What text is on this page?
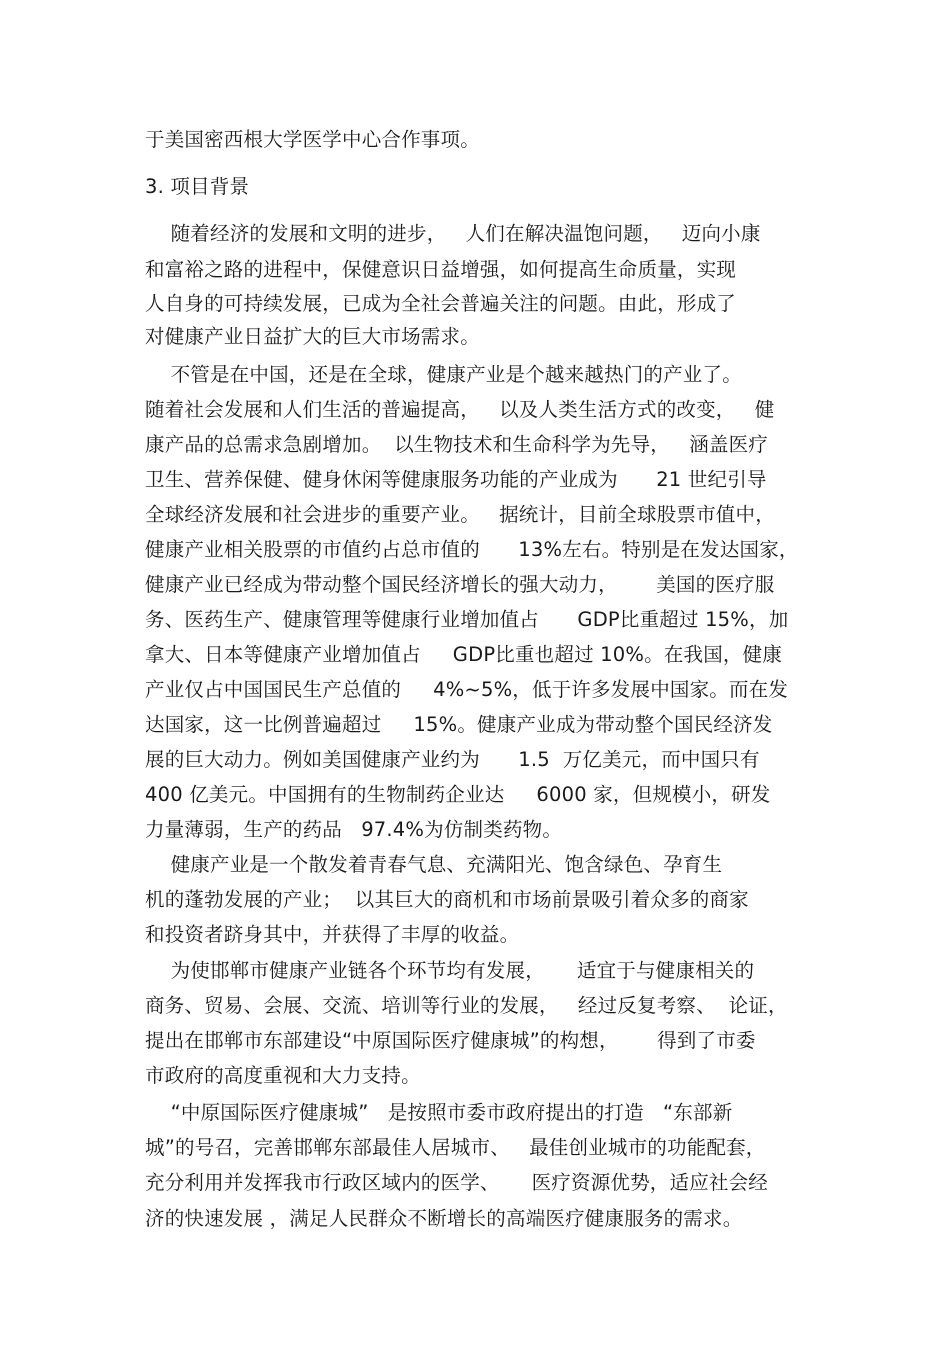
于美国密西根大学医学中心合作事项。
3. 项目背景
随着经济的发展和文明的进步，   人们在解决温饱问题，   迈向小康
和富裕之路的进程中，保健意识日益增强，如何提高生命质量，实现
人自身的可持续发展，已成为全社会普遍关注的问题。由此，形成了
对健康产业日益扩大的巨大市场需求。
不管是在中国，还是在全球，健康产业是个越来越热门的产业了。
随着社会发展和人们生活的普遍提高，   以及人类生活方式的改变，   健
康产品的总需求急剧增加。  以生物技术和生命科学为先导，   涵盖医疗
卫生、营养保健、健身休闲等健康服务功能的产业成为      21 世纪引导
全球经济发展和社会进步的重要产业。   据统计，目前全球股票市值中，
健康产业相关股票的市值约占总市值的      13%左右。特别是在发达国家，
健康产业已经成为带动整个国民经济增长的强大动力，      美国的医疗服
务、医药生产、健康管理等健康行业增加值占      GDP比重超过 15%，加
拿大、日本等健康产业增加值占     GDP比重也超过 10%。在我国，健康
产业仅占中国国民生产总值的     4%~5%，低于许多发展中国家。而在发
达国家，这一比例普遍超过     15%。健康产业成为带动整个国民经济发
展的巨大动力。例如美国健康产业约为      1.5  万亿美元，而中国只有
400 亿美元。中国拥有的生物制药企业达     6000 家，但规模小，研发
力量薄弱，生产的药品   97.4%为仿制类药物。
健康产业是一个散发着青春气息、充满阳光、饱含绿色、孕育生
机的蓬勃发展的产业；  以其巨大的商机和市场前景吸引着众多的商家
和投资者跻身其中，并获得了丰厚的收益。
为使邯郸市健康产业链各个环节均有发展，     适宜于与健康相关的
商务、贸易、会展、交流、培训等行业的发展，   经过反复考察、  论证，
提出在邯郸市东部建设“中原国际医疗健康城”的构想，      得到了市委
市政府的高度重视和大力支持。
“中原国际医疗健康城”   是按照市委市政府提出的打造   “东部新
城”的号召，完善邯郸东部最佳人居城市、   最佳创业城市的功能配套，
充分利用并发挥我市行政区域内的医学、     医疗资源优势，适应社会经
济的快速发展 ，满足人民群众不断增长的高端医疗健康服务的需求。
